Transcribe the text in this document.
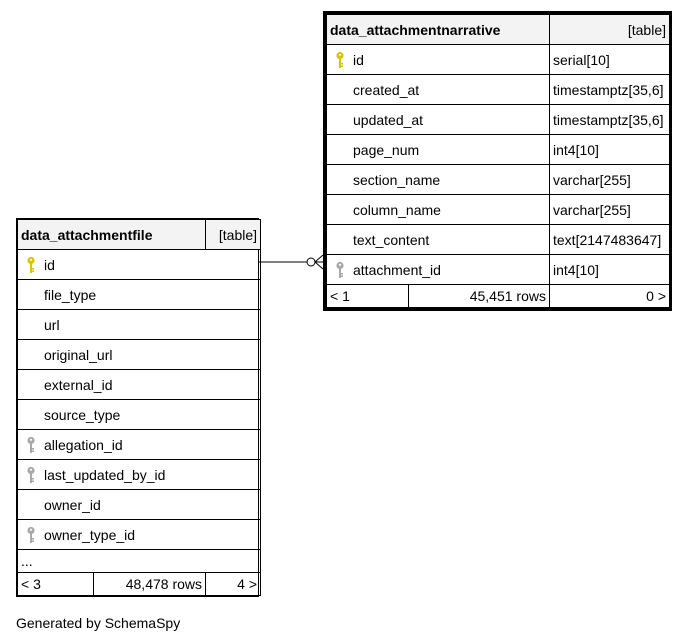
data_attachmentfile		[table]

id		
file_type		
url		
original_url		
external_id		
source_type		

allegation_id		

last_updated_by_id		
owner_id		

owner_type_id		
...		
< 3	48,478 rows	4 >
data_attachmentnarrative		[table]

id		serial[10]
created_at		timestamptz[35,6]
updated_at		timestamptz[35,6]
page_num		int4[10]
section_name		varchar[255]
column_name		varchar[255]
text_content		text[2147483647]

attachment_id		int4[10]
< 1	45,451 rows	0 >
Generated by SchemaSpy
